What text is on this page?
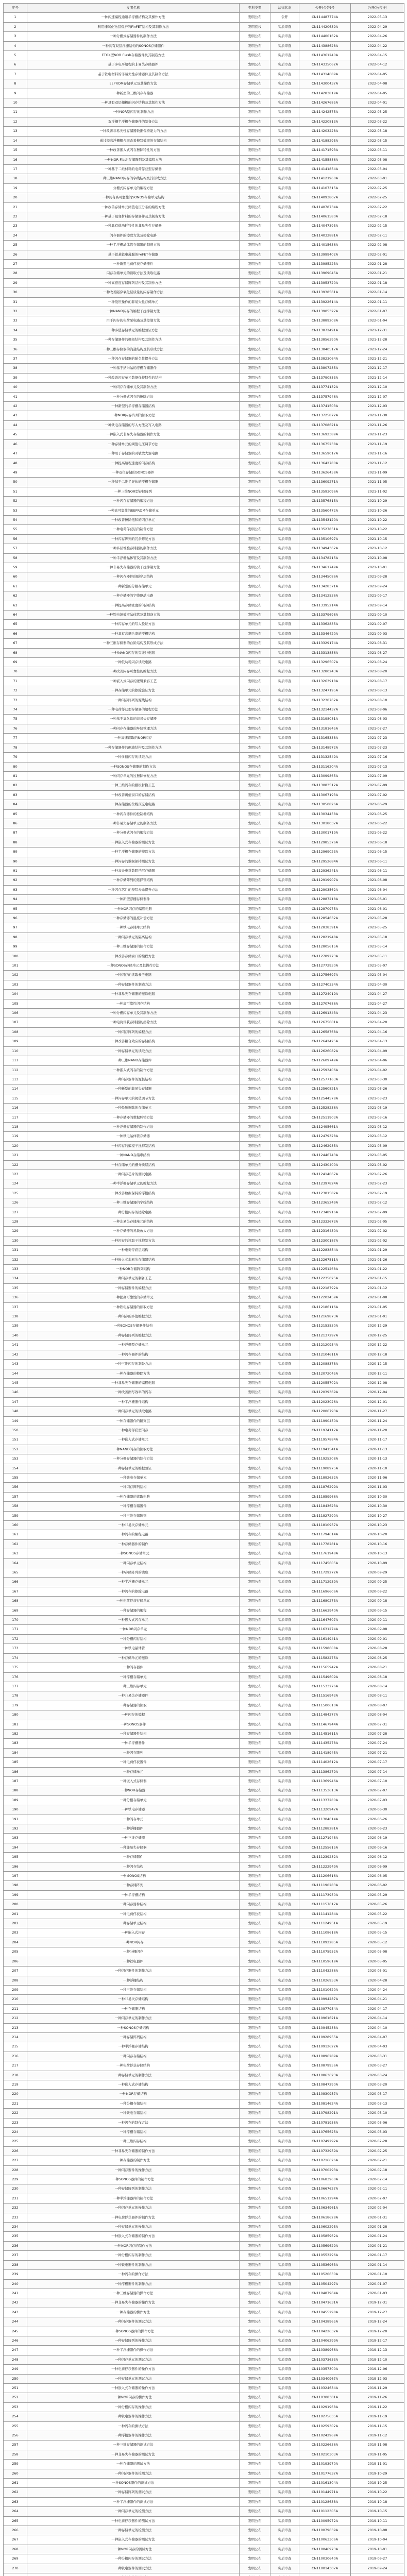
序号	发明名称	专利类型	法律状态	公开(公告)号	公开(公告)日
1	一种闪速编程通道半浮栅结构及其操作方法	发明公布	公开	CN114487774A	2022-05-13
2	利用栅氧化物层保护的FinFET结构及其制作方法	发明授权	实质审查	CN114420639A	2022-04-29
3	一种分栅式存储器件的制作方法	发明公布	实质审查	CN114400162A	2022-04-26
4	一种具有双层浮栅结构的SONOS存储器件	发明公布	实质审查	CN114388628A	2022-04-22
5	ETOX型NOR Flash存储器件及其制造方法	发明公布	实质审查	CN114361240A	2022-04-15
6	基于多电平编程的非易失存储器件	发明公布	实质审查	CN114335062A	2022-04-12
7	基于铁电材料的非易失性存储器件及其制备方法	发明公布	实质审查	CN114314689A	2022-04-05
8	EEPROM存储单元及其操作方法	发明公布	实质审查	CN114300437A	2022-04-08
9	一种新型的三维闪存存储器	发明公布	实质审查	CN114283819A	2022-04-05
10	一种具有双层栅极的闪存结构及其制作方法	发明公布	实质审查	CN114267685A	2022-04-01
11	一种NOR型闪存的制作方法	发明公布	实质审查	CN114242575A	2022-03-25
12	双浮栅半浮栅存储器件的制备方法	发明公布	实质审查	CN114220813A	2022-03-22
13	一种改善非易失性存储器数据保持能力的方法	发明公布	实质审查	CN114203228A	2022-03-18
14	通过提高浮栅耦合率改善擦写效率的存储结构	发明公布	实质审查	CN114188295A	2022-03-15
15	一种改善嵌入式闪存擦除特性的方法	发明公布	实质审查	CN114171593A	2022-03-11
16	一种NOR Flash存储阵列及其编程方法	发明公布	实质审查	CN114155886A	2022-03-08
17	一种基于二维材料的电荷俘获型存储器	发明公布	实质审查	CN114141854A	2022-03-04
18	一种三维NAND闪存的字线结构及其形成方法	发明公布	实质审查	CN114121960A	2022-03-01
19	分栅式闪存单元的编程方法	发明公布	实质审查	CN114107315A	2022-02-25
20	一种具有高可靠性的SONOS存储单元结构	发明公布	实质审查	CN114093807A	2022-02-25
21	一种改善存储单元阈值电压分布的编程方法	发明公布	实质审查	CN114078734A	2022-02-22
22	一种基于阻变材料的存储器件及其制备方法	发明公布	实质审查	CN114061580A	2022-02-18
23	一种具有低功耗特性的非易失性存储器	发明公布	实质审查	CN114047395A	2022-02-15
24	闪存器件的擦除方法及擦除电路	发明公布	实质审查	CN114032881A	2022-02-11
25	一种半浮栅晶体管存储器的制造方法	发明公布	实质审查	CN114015636A	2022-02-08
26	基于铪基铁电薄膜的FeFET存储器	发明公布	实质审查	CN113999402A	2022-02-01
27	一种新型电荷俘获存储器件	发明公布	实质审查	CN113985223A	2022-01-28
28	闪存存储单元的读取方法及读取电路	发明公布	实质审查	CN113969045A	2022-01-21
29	一种高密度存储阵列结构及其制作方法	发明公布	实质审查	CN113953720A	2022-01-18
30	一种改善隧穿氧化层质量的闪存制作方法	发明公布	实质审查	CN113938561A	2022-01-14
31	一种低压操作的非易失性存储单元	发明公布	实质审查	CN113922614A	2022-01-11
32	一种NAND闪存的编程干扰抑制方法	发明公布	实质审查	CN113905327A	2022-01-07
33	用于闪存的电荷泵电路及其控制方法	发明公布	实质审查	CN113889208A	2022-01-04
34	一种多值存储单元的编程验证方法	发明公布	实质审查	CN113872491A	2021-12-31
35	一种存储器件的栅极结构及其制作方法	发明公布	实质审查	CN113856390A	2021-12-28
36	一种三维存储器的沟道结构及其形成方法	发明公布	实质审查	CN113840517A	2021-12-24
37	一种闪存存储器的耐久性提升方法	发明公布	实质审查	CN113823064A	2021-12-21
38	一种基于纳米晶的浮栅存储器件	发明公布	实质审查	CN113807285A	2021-12-17
39	一种改善闪存单元数据保持特性的结构	发明公布	实质审查	CN113790853A	2021-12-14
40	一种闪存存储单元及其制备方法	发明公布	实质审查	CN113774132A	2021-12-10
41	一种分栅式闪存的擦除方法	发明公布	实质审查	CN113757946A	2021-12-07
42	一种新型的半浮栅存储器结构	发明公布	实质审查	CN113741503A	2021-12-03
43	一种NOR闪存阵列的读取方法	发明公布	实质审查	CN113725872A	2021-11-30
44	一种铁电存储器的写入方法及写入电路	发明公布	实质审查	CN113708621A	2021-11-26
45	一种嵌入式非易失存储器的制作方法	发明公布	实质审查	CN113692389A	2021-11-23
46	一种存储单元的阈值电压调节方法	发明公布	实质审查	CN113675238A	2021-11-19
47	一种用于存储器的灵敏放大器电路	发明公布	实质审查	CN113659017A	2021-11-16
48	一种提高编程速度的闪存结构	发明公布	实质审查	CN113642780A	2021-11-12
49	一种双位存储的SONOS器件	发明公布	实质审查	CN113626458A	2021-11-09
50	一种基于二维半导体的浮栅存储器	发明公布	实质审查	CN113609271A	2021-11-05
51	一种三维NOR型存储阵列	发明公布	实质审查	CN113593096A	2021-11-02
52	一种闪存存储器的编程方法	发明公布	实质审查	CN113576815A	2021-10-29
53	一种高可靠性的EEPROM存储单元	发明公布	实质审查	CN113560472A	2021-10-26
54	一种改善擦除饱和的闪存单元	发明公布	实质审查	CN113543120A	2021-10-22
55	一种电荷俘获层的制备方法	发明公布	实质审查	CN113527851A	2021-10-22
56	一种闪存阵列的冗余修复方法	发明公布	实质审查	CN113510697A	2021-10-15
57	一种多层堆叠存储器的制作方法	发明公布	实质审查	CN113494362A	2021-10-12
58	一种半浮栅晶体管及其制备方法	发明公布	实质审查	CN113478215A	2021-10-08
59	一种非易失存储器的读干扰抑制方法	发明公布	实质审查	CN113461749A	2021-10-01
60	一种闪存器件的隧穿层结构	发明公布	实质审查	CN113445086A	2021-09-28
61	一种新型的分栅存储单元	发明公布	实质审查	CN113428371A	2021-09-24
62	一种存储器的字线驱动电路	发明公布	实质审查	CN113412536A	2021-09-17
63	一种提高存储密度的闪存结构	发明公布	实质审查	CN113395214A	2021-09-14
64	一种铁电场效应晶体管及其制备方法	发明公布	实质审查	CN113379698A	2021-09-10
65	一种闪存单元的写入验证方法	发明公布	实质审查	CN113362835A	2021-09-07
66	一种具有高耦合率的浮栅结构	发明公布	实质审查	CN113346420A	2021-09-03
67	一种三维存储器的台阶结构及其形成方法	发明公布	实质审查	CN113329174A	2021-08-31
68	一种NAND闪存的页缓冲电路	发明公布	实质审查	CN113313856A	2021-08-27
69	一种低功耗闪存读取电路	发明公布	实质审查	CN113296507A	2021-08-24
70	一种改善闪存可靠性的编程方法	发明公布	实质审查	CN113280243A	2021-08-20
71	一种嵌入式闪存的逻辑兼容工艺	发明公布	实质审查	CN113263918A	2021-08-17
72	一种存储单元的擦除验证方法	发明公布	实质审查	CN113247195A	2021-08-13
73	一种闪存阵列的源线结构	发明公布	实质审查	CN113230762A	2021-08-10
74	一种电荷俘获型存储器的编程方法	发明公布	实质审查	CN113214437A	2021-08-06
75	一种基于氧化铪的非易失存储器	发明公布	实质审查	CN113198081A	2021-08-03
76	一种闪存存储器的坏块管理方法	发明公布	实质审查	CN113181645A	2021-07-27
77	一种高速读取的NOR闪存	发明公布	实质审查	CN113165338A	2021-07-23
78	一种存储器件的侧墙结构及其制作方法	发明公布	实质审查	CN113148972A	2021-07-23
79	一种多值闪存的读取方法	发明公布	实质审查	CN113132549A	2021-07-16
80	一种SONOS存储器的制作方法	发明公布	实质审查	CN113116204A	2021-07-13
81	一种闪存单元的过擦除修复方法	发明公布	实质审查	CN113099865A	2021-07-09
82	一种三维闪存的栅极替换工艺	发明公布	实质审查	CN113083512A	2021-07-09
83	一种改善阈值窗口的存储结构	发明公布	实质审查	CN113067193A	2021-07-02
84	一种存储器的位线预充电电路	发明公布	实质审查	CN113050826A	2021-06-29
85	一种闪存器件的控制栅结构	发明公布	实质审查	CN113034458A	2021-06-25
86	一种非易失存储单元的制备方法	发明公布	实质审查	CN113018037A	2021-06-22
87	一种分栅式闪存的编程方法	发明公布	实质审查	CN113001719A	2021-06-22
88	一种嵌入式存储器的测试方法	发明公布	实质审查	CN112985376A	2021-06-18
89	一种半浮栅存储器的擦除方法	发明公布	实质审查	CN112969023A	2021-06-15
90	一种闪存的数据保持测试方法	发明公布	实质审查	CN112952684A	2021-06-11
91	一种高介电常数阻挡层存储器	发明公布	实质审查	CN112936241A	2021-06-11
92	一种存储阵列的选择管结构	发明公布	实质审查	CN112919907A	2021-06-08
93	一种闪存芯片的擦写寿命提升方法	发明公布	实质审查	CN112903562A	2021-06-04
94	一种新型浮栅存储器件	发明公布	实质审查	CN112887218A	2021-06-01
95	一种NOR闪存的编程电路	发明公布	实质审查	CN112870975A	2021-06-01
96	一种存储器的温度补偿方法	发明公布	实质审查	CN112854632A	2021-05-28
97	一种铁电存储单元结构	发明公布	实质审查	CN112838391A	2021-05-25
98	一种闪存单元的隔离结构	发明公布	实质审查	CN112821948A	2021-05-18
99	一种三维存储器的制作方法	发明公布	实质审查	CN112805615A	2021-05-14
100	一种改善存储窗口的编程方法	发明公布	实质审查	CN112789273A	2021-05-11
101	一种SONOS存储单元及其操作方法	发明公布	实质审查	CN112772930A	2021-05-07
102	一种闪存的读取参考电路	发明公布	实质审查	CN112756697A	2021-05-04
103	一种存储器件的制造方法	发明公布	实质审查	CN112740354A	2021-04-30
104	一种非易失存储器的擦除电路	发明公布	实质审查	CN112724019A	2021-04-27
105	一种高可靠性闪存结构	发明公布	实质审查	CN112707686A	2021-04-27
106	一种分栅闪存单元及其制作方法	发明公布	实质审查	CN112691343A	2021-04-23
107	一种电荷俘获存储器的擦除方法	发明公布	实质审查	CN112675001A	2021-04-20
108	一种闪存阵列的编程方法	发明公布	实质审查	CN112658768A	2021-04-16
109	一种改善耦合效应的存储结构	发明公布	实质审查	CN112642425A	2021-04-13
110	一种存储单元的读取方法	发明公布	实质审查	CN112626082A	2021-04-09
111	一种三维NAND存储器件	发明公布	实质审查	CN112609749A	2021-04-06
112	一种嵌入式闪存的制作方法	发明公布	实质审查	CN112593406A	2021-04-02
113	一种闪存器件的源极结构	发明公布	实质审查	CN112577163A	2021-03-30
114	一种新型的非易失存储器	发明公布	实质审查	CN112560821A	2021-03-26
115	一种闪存单元的阈值调节方法	发明公布	实质审查	CN112544578A	2021-03-23
116	一种低压擦除的存储单元	发明公布	实质审查	CN112528236A	2021-03-19
117	一种存储器的数据纠错方法	发明公布	实质审查	CN112511903A	2021-03-16
118	一种浮栅存储器的制作方法	发明公布	实质审查	CN112495661A	2021-03-12
119	一种铁电晶体管存储器	发明公布	实质审查	CN112479328A	2021-03-12
120	一种闪存的编程干扰抑制结构	发明公布	实质审查	CN112462985A	2021-03-09
121	一种NAND存储串结构	发明公布	实质审查	CN112446743A	2021-03-05
122	一种存储单元的栅介质层结构	发明公布	实质审查	CN112430400A	2021-03-02
123	一种闪存芯片的测试电路	发明公布	实质审查	CN112414067A	2021-02-26
124	一种半浮栅存储单元的编程方法	发明公布	实质审查	CN112397824A	2021-02-23
125	一种改善数据保持的浮栅结构	发明公布	实质审查	CN112381582A	2021-02-19
126	一种三维存储器的字线结构	发明公布	实质审查	CN112365249A	2021-02-12
127	一种分栅闪存的擦除电路	发明公布	实质审查	CN112348916A	2021-02-09
128	一种非易失存储单元的结构	发明公布	实质审查	CN112332673A	2021-02-05
129	一种存储器的灵敏放大方法	发明公布	实质审查	CN112316430A	2021-02-02
130	一种闪存的读取干扰抑制方法	发明公布	实质审查	CN112300187A	2021-02-02
131	一种电荷俘获层结构	发明公布	实质审查	CN112283854A	2021-01-29
132	一种嵌入式非易失存储器结构	发明公布	实质审查	CN112267511A	2021-01-26
133	一种NOR存储阵列结构	发明公布	实质审查	CN112251268A	2021-01-22
134	一种闪存单元的制备工艺	发明公布	实质审查	CN112235025A	2021-01-15
135	一种存储器件的编程方法	发明公布	实质审查	CN112218792A	2021-01-12
136	一种提高可靠性的存储单元	发明公布	实质审查	CN112202459A	2021-01-08
137	一种铁电存储器的读取方法	发明公布	实质审查	CN112186116A	2021-01-05
138	一种闪存的多值编程方法	发明公布	实质审查	CN112169873A	2021-01-01
139	一种SONOS存储器件结构	发明公布	实质审查	CN112153530A	2020-12-29
140	一种存储阵列的编程方法	发明公布	实质审查	CN112137297A	2020-12-25
141	一种浮栅型存储单元	发明公布	实质审查	CN112120954A	2020-12-22
142	一种闪存器件的结构	发明公布	实质审查	CN112104611A	2020-12-18
143	一种三维闪存的制备方法	发明公布	实质审查	CN112088378A	2020-12-15
144	一种存储器的擦除方法	发明公布	实质审查	CN112072045A	2020-12-11
145	一种非易失存储器的编程电路	发明公布	实质审查	CN112055702A	2020-12-08
146	一种改善擦写效率的闪存	发明公布	实质审查	CN112039369A	2020-12-04
147	一种半浮栅器件结构	发明公布	实质审查	CN112023026A	2020-12-01
148	一种闪存单元的读取电路	发明公布	实质审查	CN112006793A	2020-11-27
149	一种存储器件的隧穿层	发明公布	实质审查	CN111990450A	2020-11-24
150	一种电荷俘获型闪存	发明公布	实质审查	CN111974117A	2020-11-20
151	一种嵌入式存储单元	发明公布	实质审查	CN111957884A	2020-11-17
152	一种NAND闪存的读取方法	发明公布	实质审查	CN111941541A	2020-11-13
153	一种分栅存储器的制作方法	发明公布	实质审查	CN111925208A	2020-11-13
154	一种存储单元的编程验证	发明公布	实质审查	CN111908975A	2020-11-10
155	一种铁电存储单元	发明公布	实质审查	CN111892632A	2020-11-06
156	一种闪存阵列结构	发明公布	实质审查	CN111876299A	2020-11-03
157	一种存储器的读取电路	发明公布	实质审查	CN111859966A	2020-10-30
158	一种浮栅存储器件	发明公布	实质审查	CN111843623A	2020-10-30
159	一种三维存储阵列	发明公布	实质审查	CN111827290A	2020-10-27
160	一种非易失存储单元	发明公布	实质审查	CN111810957A	2020-10-23
161	一种闪存的编程电路	发明公布	实质审查	CN111794614A	2020-10-20
162	一种存储器件的制作	发明公布	实质审查	CN111778281A	2020-10-16
163	一种SONOS存储单元	发明公布	实质审查	CN111761948A	2020-10-13
164	一种闪存单元结构	发明公布	实质审查	CN111745605A	2020-10-09
165	一种存储阵列的读取	发明公布	实质审查	CN111729272A	2020-09-29
166	一种半浮栅存储单元	发明公布	实质审查	CN111712939A	2020-09-25
167	一种闪存的擦除电路	发明公布	实质审查	CN111696606A	2020-09-22
168	一种电荷俘获存储单元	发明公布	实质审查	CN111680273A	2020-09-18
169	一种存储器的编程	发明公布	实质审查	CN111663940A	2020-09-15
170	一种嵌入式闪存单元	发明公布	实质审查	CN111647607A	2020-09-11
171	一种NOR闪存单元	发明公布	实质审查	CN111631274A	2020-09-08
172	一种分栅闪存结构	发明公布	实质审查	CN111614941A	2020-09-01
173	一种铁电晶体管	发明公布	实质审查	CN111598608A	2020-08-28
174	一种存储单元的擦除	发明公布	实质审查	CN111582275A	2020-08-25
175	一种闪存器件	发明公布	实质审查	CN111565942A	2020-08-21
176	一种浮栅存储单元	发明公布	实质审查	CN111549609A	2020-08-18
177	一种三维闪存单元	发明公布	实质审查	CN111533276A	2020-08-14
178	一种非易失存储器件	发明公布	实质审查	CN111516943A	2020-08-11
179	一种存储器的读取	发明公布	实质审查	CN111500610A	2020-08-07
180	一种闪存的编程	发明公布	实质审查	CN111484277A	2020-08-04
181	一种SONOS器件	发明公布	实质审查	CN111467944A	2020-07-31
182	一种存储器件结构	发明公布	实质审查	CN111451611A	2020-07-28
183	一种半浮栅器件	发明公布	实质审查	CN111435278A	2020-07-24
184	一种闪存阵列	发明公布	实质审查	CN111418945A	2020-07-21
185	一种电荷俘获器件	发明公布	实质审查	CN111402612A	2020-07-17
186	一种存储单元	发明公布	实质审查	CN111386279A	2020-07-14
187	一种嵌入式存储器	发明公布	实质审查	CN111369946A	2020-07-10
188	一种NOR存储器	发明公布	实质审查	CN111353613A	2020-07-07
189	一种分栅存储单元	发明公布	实质审查	CN111337280A	2020-07-03
190	一种铁电存储器	发明公布	实质审查	CN111320947A	2020-06-30
191	一种闪存单元	发明公布	实质审查	CN111304614A	2020-06-26
192	一种浮栅器件	发明公布	实质审查	CN111288281A	2020-06-23
193	一种三维存储器	发明公布	实质审查	CN111271948A	2020-06-19
194	一种非易失存储器	发明公布	实质审查	CN111255615A	2020-06-16
195	一种存储器件	发明公布	实质审查	CN111239282A	2020-06-12
196	一种闪存结构	发明公布	实质审查	CN111222949A	2020-06-09
197	一种SONOS结构	发明公布	实质审查	CN111206616A	2020-06-05
198	一种存储阵列	发明公布	实质审查	CN111190283A	2020-06-02
199	一种半浮栅结构	发明公布	实质审查	CN111173950A	2020-05-29
200	一种闪存器件结构	发明公布	实质审查	CN111157617A	2020-05-26
201	一种电荷俘获结构	发明公布	实质审查	CN111141284A	2020-05-22
202	一种存储单元结构	发明公布	实质审查	CN111124951A	2020-05-19
203	一种嵌入式闪存	发明公布	实质审查	CN111108618A	2020-05-15
204	一种NOR闪存	发明公布	实质审查	CN111092285A	2020-05-12
205	一种分栅闪存	发明公布	实质审查	CN111075952A	2020-05-08
206	一种铁电器件	发明公布	实质审查	CN111059619A	2020-05-05
207	一种闪存器件的制作方法	发明公布	实质审查	CN111043286A	2020-05-01
208	一种浮栅结构	发明公布	实质审查	CN111026953A	2020-04-28
209	一种三维存储结构	发明公布	实质审查	CN111010620A	2020-04-24
210	一种非易失存储结构	发明公布	实质审查	CN110994287A	2020-04-21
211	一种存储器结构	发明公布	实质审查	CN110977954A	2020-04-17
212	一种闪存单元的制作方法	发明公布	实质审查	CN110961621A	2020-04-14
213	一种SONOS存储结构	发明公布	实质审查	CN110945288A	2020-04-10
214	一种存储阵列结构	发明公布	实质审查	CN110928955A	2020-04-07
215	一种半浮栅存储结构	发明公布	实质审查	CN110912622A	2020-04-03
216	一种闪存存储结构	发明公布	实质审查	CN110896289A	2020-03-31
217	一种电荷俘获存储结构	发明公布	实质审查	CN110879956A	2020-03-27
218	一种存储单元的制作方法	发明公布	实质审查	CN110863623A	2020-03-24
219	一种嵌入式存储结构	发明公布	实质审查	CN110847290A	2020-03-20
220	一种NOR存储结构	发明公布	实质审查	CN110830957A	2020-03-17
221	一种分栅存储结构	发明公布	实质审查	CN110814624A	2020-03-13
222	一种铁电存储结构	发明公布	实质审查	CN110798291A	2020-03-10
223	一种闪存的制作方法	发明公布	实质审查	CN110781958A	2020-03-06
224	一种浮栅存储结构	发明公布	实质审查	CN110765625A	2020-03-03
225	一种三维闪存结构	发明公布	实质审查	CN110749292A	2020-02-28
226	一种非易失存储器的制作方法	发明公布	实质审查	CN110732959A	2020-02-25
227	一种存储器的制作方法	发明公布	实质审查	CN110716626A	2020-02-21
228	一种闪存器件的操作方法	发明公布	实质审查	CN110700293A	2020-02-18
229	一种SONOS器件的制作方法	发明公布	实质审查	CN110683960A	2020-02-14
230	一种存储阵列的制作方法	发明公布	实质审查	CN110667627A	2020-02-11
231	一种半浮栅器件的制作方法	发明公布	实质审查	CN110651294A	2020-02-07
232	一种闪存单元的操作方法	发明公布	实质审查	CN110634961A	2020-02-04
233	一种电荷俘获器件的制作方法	发明公布	实质审查	CN110618628A	2020-01-31
234	一种存储单元的操作方法	发明公布	实质审查	CN110602295A	2020-01-28
235	一种嵌入式存储器的制作方法	发明公布	实质审查	CN110585962A	2020-01-24
236	一种NOR闪存的制作方法	发明公布	实质审查	CN110569629A	2020-01-21
237	一种分栅闪存的制作方法	发明公布	实质审查	CN110553296A	2020-01-17
238	一种铁电器件的制作方法	发明公布	实质审查	CN110536963A	2020-01-14
239	一种闪存的操作方法	发明公布	实质审查	CN110520630A	2020-01-10
240	一种浮栅器件的制作方法	发明公布	实质审查	CN110504297A	2020-01-07
241	一种三维存储器的操作方法	发明公布	实质审查	CN110487964A	2020-01-03
242	一种非易失存储器的操作方法	发明公布	实质审查	CN110471631A	2019-12-31
243	一种存储器的操作方法	发明公布	实质审查	CN110455298A	2019-12-27
244	一种闪存器件的测试方法	发明公布	实质审查	CN110438965A	2019-12-24
245	一种SONOS器件的操作方法	发明公布	实质审查	CN110422632A	2019-12-20
246	一种存储阵列的操作方法	发明公布	实质审查	CN110406299A	2019-12-17
247	一种半浮栅器件的操作方法	发明公布	实质审查	CN110389966A	2019-12-13
248	一种闪存单元的测试方法	发明公布	实质审查	CN110373633A	2019-12-10
249	一种电荷俘获器件的操作方法	发明公布	实质审查	CN110357300A	2019-12-06
250	一种存储单元的测试方法	发明公布	实质审查	CN110340967A	2019-12-03
251	一种嵌入式存储器的操作方法	发明公布	实质审查	CN110324634A	2019-11-29
252	一种NOR闪存的操作方法	发明公布	实质审查	CN110308301A	2019-11-26
253	一种分栅闪存的操作方法	发明公布	实质审查	CN110291968A	2019-11-22
254	一种铁电器件的操作方法	发明公布	实质审查	CN110275635A	2019-11-19
255	一种闪存的测试方法	发明公布	实质审查	CN110259302A	2019-11-15
256	一种浮栅器件的操作方法	发明公布	实质审查	CN110242969A	2019-11-12
257	一种三维存储器的测试方法	发明公布	实质审查	CN110226636A	2019-11-08
258	一种非易失存储器的测试方法	发明公布	实质审查	CN110210303A	2019-11-05
259	一种存储器的测试方法	发明公布	实质审查	CN110193970A	2019-11-01
260	一种闪存器件的检测方法	发明公布	实质审查	CN110177637A	2019-10-29
261	一种SONOS器件的测试方法	发明公布	实质审查	CN110161304A	2019-10-25
262	一种存储阵列的测试方法	发明公布	实质审查	CN110144971A	2019-10-22
263	一种半浮栅器件的测试方法	发明公布	实质审查	CN110128638A	2019-10-18
264	一种闪存单元的检测方法	发明公布	实质审查	CN110112305A	2019-10-15
265	一种电荷俘获器件的测试方法	发明公布	实质审查	CN110095972A	2019-10-11
266	一种存储单元的检测方法	发明公布	实质审查	CN110079639A	2019-10-08
267	一种嵌入式存储器的测试方法	发明公布	实质审查	CN110063306A	2019-10-04
268	一种NOR闪存的测试方法	发明公布	实质审查	CN110046973A	2019-10-01
269	一种分栅闪存的测试方法	发明公布	实质审查	CN110030640A	2019-09-27
270	一种铁电器件的测试方法	发明公布	实质审查	CN110014307A	2019-09-24
